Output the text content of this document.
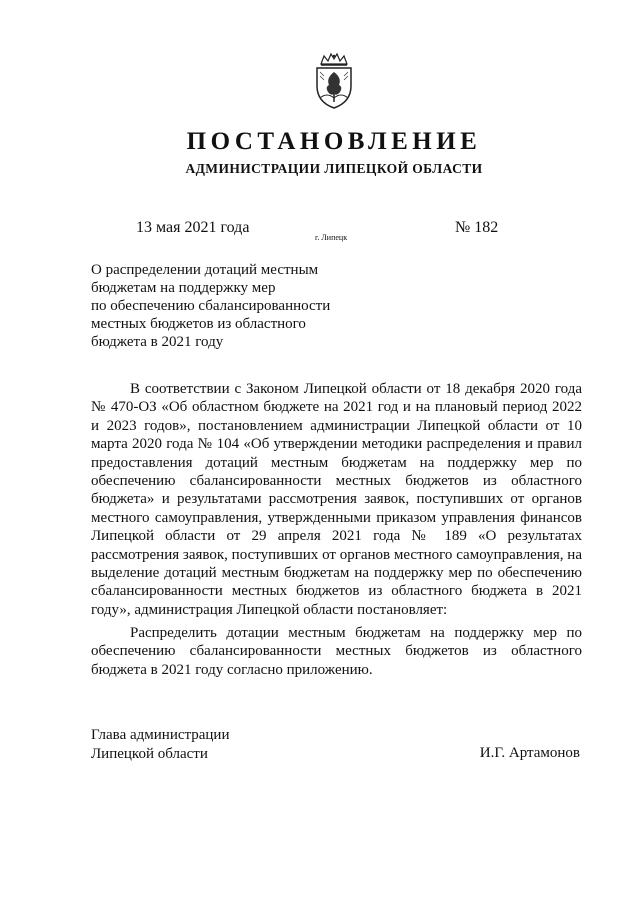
ПОСТАНОВЛЕНИЕ
АДМИНИСТРАЦИИ ЛИПЕЦКОЙ ОБЛАСТИ
13 мая 2021 года
г. Липецк
№ 182
О распределении дотаций местным
бюджетам на поддержку мер
по обеспечению сбалансированности
местных бюджетов из областного
бюджета в 2021 году

В соответствии с Законом Липецкой области от 18 декабря 2020 года № 470-ОЗ «Об областном бюджете на 2021 год и на плановый период 2022 и 2023 годов», постановлением администрации Липецкой области от 10 марта 2020 года № 104 «Об утверждении методики распределения и правил предоставления дотаций местным бюджетам на поддержку мер по обеспечению сбалансированности местных бюджетов из областного бюджета» и результатами рассмотрения заявок, поступивших от органов местного самоуправления, утвержденными приказом управления финансов Липецкой области от 29 апреля 2021 года № 189 «О результатах рассмотрения заявок, поступивших от органов местного самоуправления, на выделение дотаций местным бюджетам на поддержку мер по обеспечению сбалансированности местных бюджетов из областного бюджета в 2021 году», администрация Липецкой области постановляет:

Распределить дотации местным бюджетам на поддержку мер по обеспечению сбалансированности местных бюджетов из областного бюджета в 2021 году согласно приложению.

Глава администрации
Липецкой области	И.Г. Артамонов
